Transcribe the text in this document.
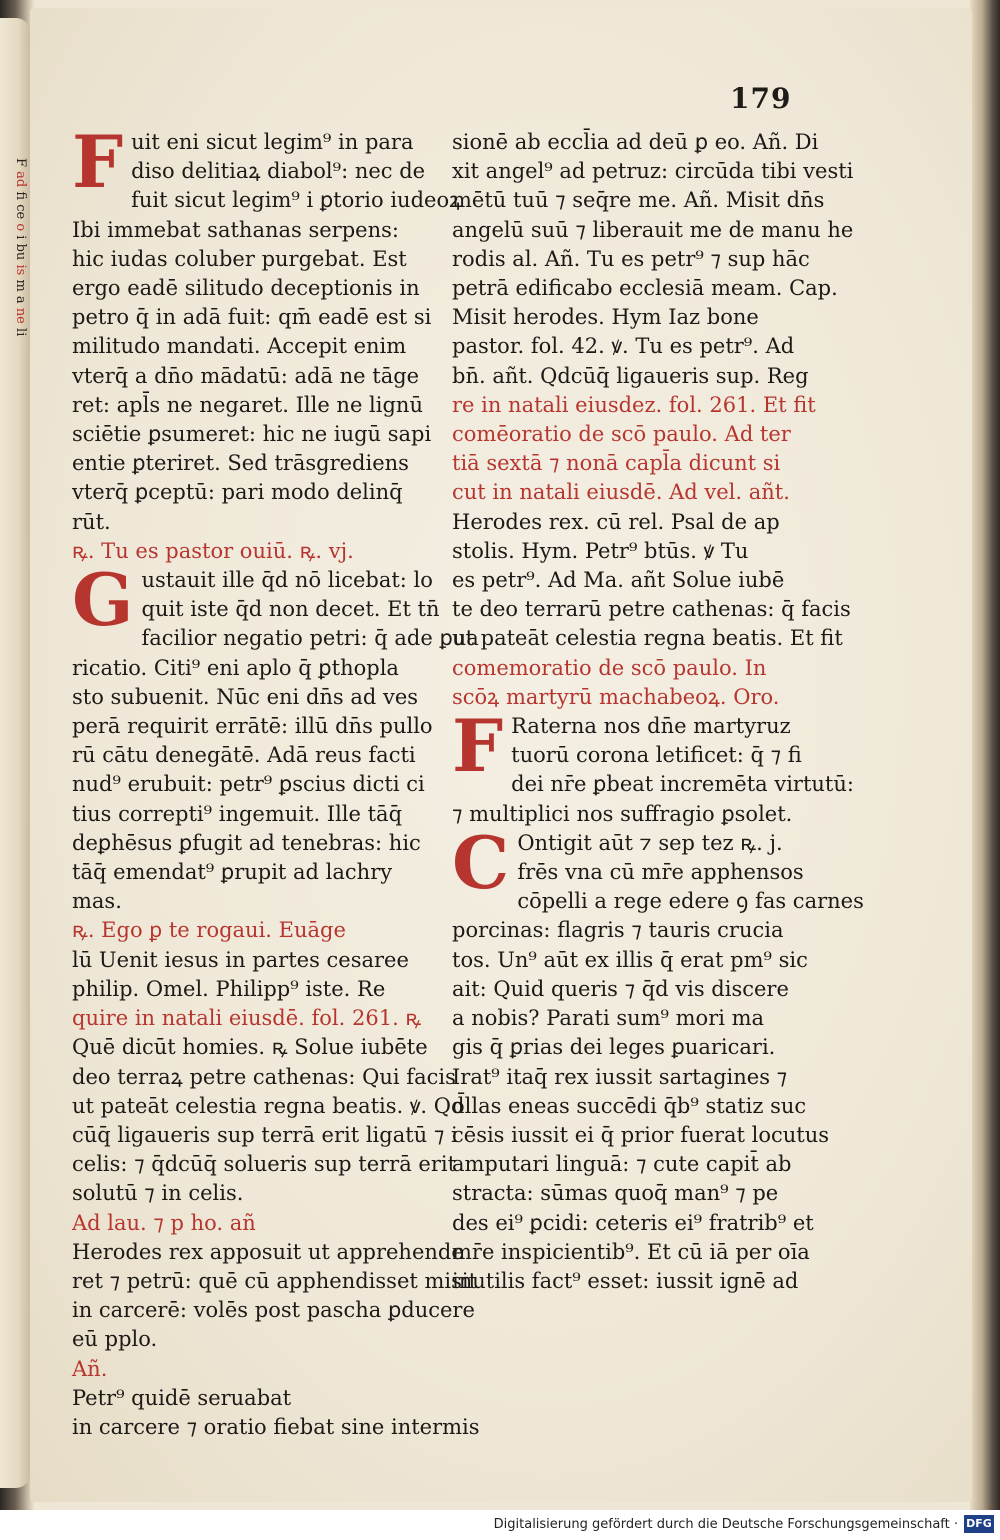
F ad fi ce o i bu is m a ne li
179
F uit eni sicut legim⁹ in para
diso delitiaꝝ diabol⁹: nec de
fuit sicut legim⁹ i ꝑtorio iudeoꝝ
Ibi immebat sathanas serpens:
hic iudas coluber purgebat. Est
ergo eadē silitudo deceptionis in
petro q̄ in adā fuit: qm̄ eadē est si
militudo mandati. Accepit enim
vterq̄ a dn̄o mādatū: adā ne tāge
ret: apl̄s ne negaret. Ille ne lignū
sciētie ꝑsumeret: hic ne iugū sapi
entie ꝑteriret. Sed trāsgrediens
vterq̄ ꝑceptū: pari modo delinq̄
rūt.
ꝶ. Tu es pastor ouiū. ꝶ. vj.
G ustauit ille q̄d nō licebat: lo
quit iste q̄d non decet. Et tn̄
facilior negatio petri: q̄ ade ꝑua
ricatio. Citi⁹ eni aplo q̄ ꝑthopla
sto subuenit. Nūc eni dn̄s ad ves
perā requirit errātē: illū dn̄s pullo
rū cātu denegātē. Adā reus facti
nud⁹ erubuit: petr⁹ ꝑscius dicti ci
tius correpti⁹ ingemuit. Ille tāq̄
deꝑhēsus ꝑfugit ad tenebras: hic
tāq̄ emendat⁹ ꝑrupit ad lachry
mas.
ꝶ. Ego ꝑ te rogaui. Euāge
lū Uenit iesus in partes cesaree
philip. Omel. Philipp⁹ iste. Re
quire in natali eiusdē. fol. 261. ꝶ
Quē dicūt homies. ꝶ Solue iubēte
deo terraꝝ petre cathenas: Qui facis
ut pateāt celestia regna beatis. ꝟ. Qd̄
cūq̄ ligaueris sup terrā erit ligatū ⁊ i
celis: ⁊ q̄dcūq̄ solueris sup terrā erit
solutū ⁊ in celis.
Ad lau. ⁊ p ho. añ
Herodes rex apposuit ut apprehende
ret ⁊ petrū: quē cū apphendisset misit
in carcerē: volēs post pascha ꝑducere
eū pplo.
Añ.
Petr⁹ quidē seruabat
in carcere ⁊ oratio fiebat sine intermis
sionē ab eccl̄ia ad deū ꝑ eo. Añ. Di
xit angel⁹ ad petruz: circūda tibi vesti
mētū tuū ⁊ seq̄re me. Añ. Misit dn̄s
angelū suū ⁊ liberauit me de manu he
rodis al. Añ. Tu es petr⁹ ⁊ sup hāc
petrā edificabo ecclesiā meam. Cap.
Misit herodes. Hym Iaz bone
pastor. fol. 42. ꝟ. Tu es petr⁹. Ad
bn̄. añt. Qdcūq̄ ligaueris sup. Reg
re in natali eiusdez. fol. 261. Et fit
comēoratio de scō paulo. Ad ter
tiā sextā ⁊ nonā capl̄a dicunt si
cut in natali eiusdē. Ad vel. añt.
Herodes rex. cū rel. Psal de ap
stolis. Hym. Petr⁹ btūs. ꝟ Tu
es petr⁹. Ad Ma. añt Solue iubē
te deo terrarū petre cathenas: q̄ facis
ut pateāt celestia regna beatis. Et fit
comemoratio de scō paulo. In
scōꝝ martyrū machabeoꝝ. Oro.
F Raterna nos dn̄e martyruz
tuorū corona letificet: q̄ ⁊ fi
dei nr̄e ꝑbeat incremēta virtutū:
⁊ multiplici nos suffragio ꝑsolet.
C Ontigit aūt ⁊ sep tez ꝶ. j.
frēs vna cū mr̄e apphensos
cōpelli a rege edere ꝯ fas carnes
porcinas: flagris ⁊ tauris crucia
tos. Un⁹ aūt ex illis q̄ erat pm⁹ sic
ait: Quid queris ⁊ q̄d vis discere
a nobis? Parati sum⁹ mori ma
gis q̄ ꝑrias dei leges ꝑuaricari.
Irat⁹ itaq̄ rex iussit sartagines ⁊
ollas eneas succēdi q̄b⁹ statiz suc
cēsis iussit ei q̄ prior fuerat locutus
amputari linguā: ⁊ cute capit̄ ab
stracta: sūmas quoq̄ man⁹ ⁊ pe
des ei⁹ ꝑcidi: ceteris ei⁹ fratrib⁹ et
mr̄e inspicientib⁹. Et cū iā per oīa
inutilis fact⁹ esset: iussit ignē ad
Digitalisierung gefördert durch die Deutsche Forschungsgemeinschaft · DFG
